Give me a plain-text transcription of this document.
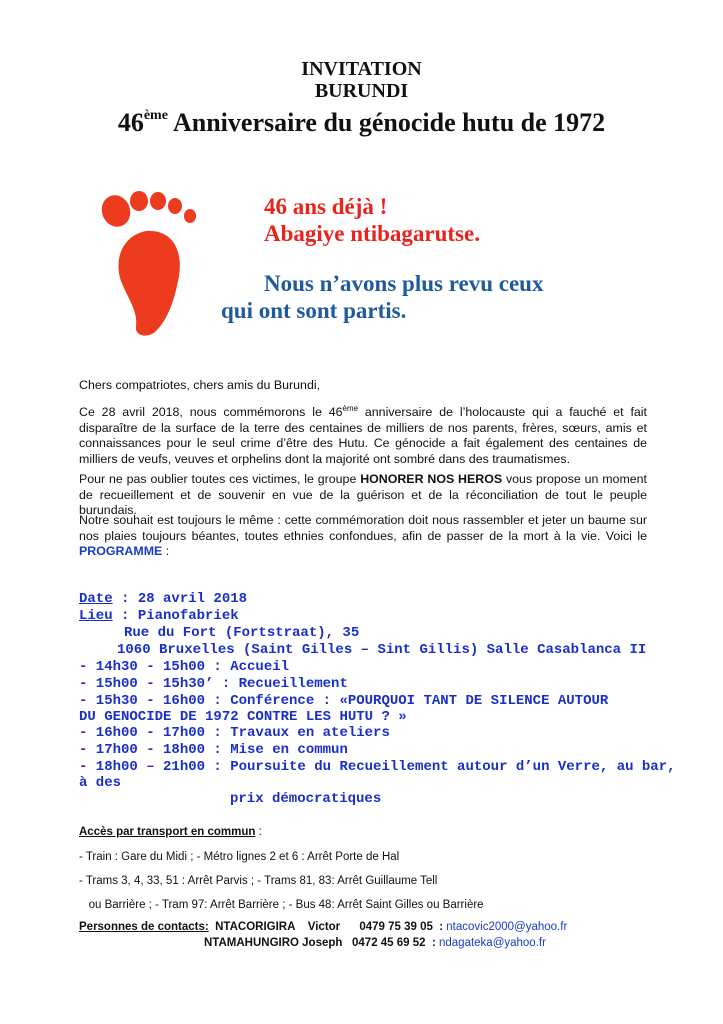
INVITATION
BURUNDI
46ème Anniversaire du génocide hutu de 1972
46 ans déjà !
Abagiye ntibagarutse.
Nous n’avons plus revu ceux
qui ont sont partis.
Chers compatriotes, chers amis du Burundi,
Ce 28 avril 2018, nous commémorons le 46ème anniversaire de l’holocauste qui a fauché et fait disparaître de la surface de la terre des centaines de milliers de nos parents, frères, sœurs, amis et connaissances pour le seul crime d’être des Hutu. Ce génocide a fait également des centaines de milliers de veufs, veuves et orphelins dont la majorité ont sombré dans des traumatismes.
Pour ne pas oublier toutes ces victimes, le groupe HONORER NOS HEROS vous propose un moment de recueillement et de souvenir en vue de la guérison et de la réconciliation de tout le peuple burundais.
Notre souhait est toujours le même : cette commémoration doit nous rassembler et jeter un baume sur nos plaies toujours béantes, toutes ethnies confondues, afin de passer de la mort à la vie. Voici le PROGRAMME :
Date : 28 avril 2018
Lieu : Pianofabriek
Rue du Fort (Fortstraat), 35
1060 Bruxelles (Saint Gilles – Sint Gillis) Salle Casablanca II
- 14h30 - 15h00 : Accueil
- 15h00 - 15h30’ : Recueillement
- 15h30 - 16h00 : Conférence : «POURQUOI TANT DE SILENCE AUTOUR
DU GENOCIDE DE 1972 CONTRE LES HUTU ? »
- 16h00 - 17h00 : Travaux en ateliers
- 17h00 - 18h00 : Mise en commun
- 18h00 – 21h00 : Poursuite du Recueillement autour d’un Verre, au bar,
à des
prix démocratiques
Accès par transport en commun :
- Train : Gare du Midi ; - Métro lignes 2 et 6 : Arrêt Porte de Hal
- Trams 3, 4, 33, 51 : Arrêt Parvis ; - Trams 81, 83: Arrêt Guillaume Tell
ou Barrière ; - Tram 97: Arrêt Barrière ; - Bus 48: Arrêt Saint Gilles ou Barrière
Personnes de contacts:  NTACORIGIRA    Victor      0479 75 39 05  : ntacovic2000@yahoo.fr
NTAMAHUNGIRO Joseph   0472 45 69 52  : ndagateka@yahoo.fr
